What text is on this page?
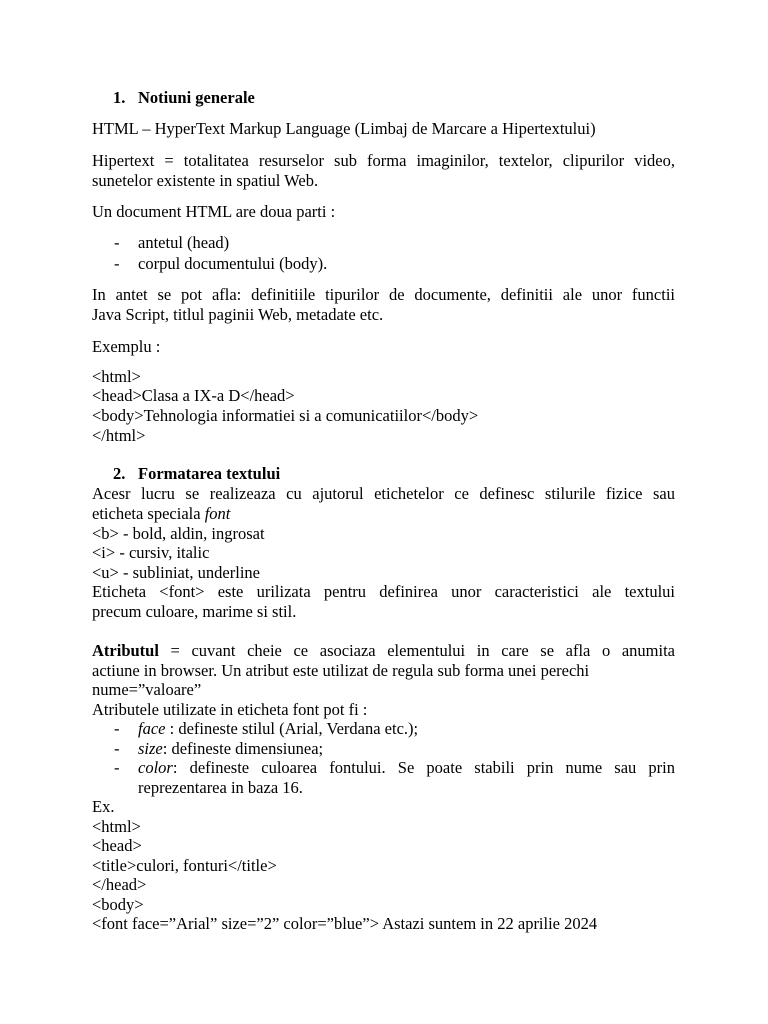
1. Notiuni generale
HTML – HyperText Markup Language (Limbaj de Marcare a Hipertextului)
Hipertext = totalitatea resurselor sub forma imaginilor, textelor, clipurilor video,
sunetelor existente in spatiul Web.
Un document HTML are doua parti :
- antetul (head)
- corpul documentului (body).
In antet se pot afla: definitiile tipurilor de documente, definitii ale unor functii
Java Script, titlul paginii Web, metadate etc.
Exemplu :
<html>
<head>Clasa a IX-a D</head>
<body>Tehnologia informatiei si a comunicatiilor</body>
</html>
2. Formatarea textului
Acesr lucru se realizeaza cu ajutorul etichetelor ce definesc stilurile fizice sau
eticheta speciala font
<b> - bold, aldin, ingrosat
<i> - cursiv, italic
<u> - subliniat, underline
Eticheta <font> este urilizata pentru definirea unor caracteristici ale textului
precum culoare, marime si stil.
Atributul = cuvant cheie ce asociaza elementului in care se afla o anumita
actiune in browser. Un atribut este utilizat de regula sub forma unei perechi
nume=”valoare”
Atributele utilizate in eticheta font pot fi :
- face : defineste stilul (Arial, Verdana etc.);
- size: defineste dimensiunea;
- color: defineste culoarea fontului. Se poate stabili prin nume sau prin
reprezentarea in baza 16.
Ex.
<html>
<head>
<title>culori, fonturi</title>
</head>
<body>
<font face=”Arial” size=”2” color=”blue”> Astazi suntem in 22 aprilie 2024
